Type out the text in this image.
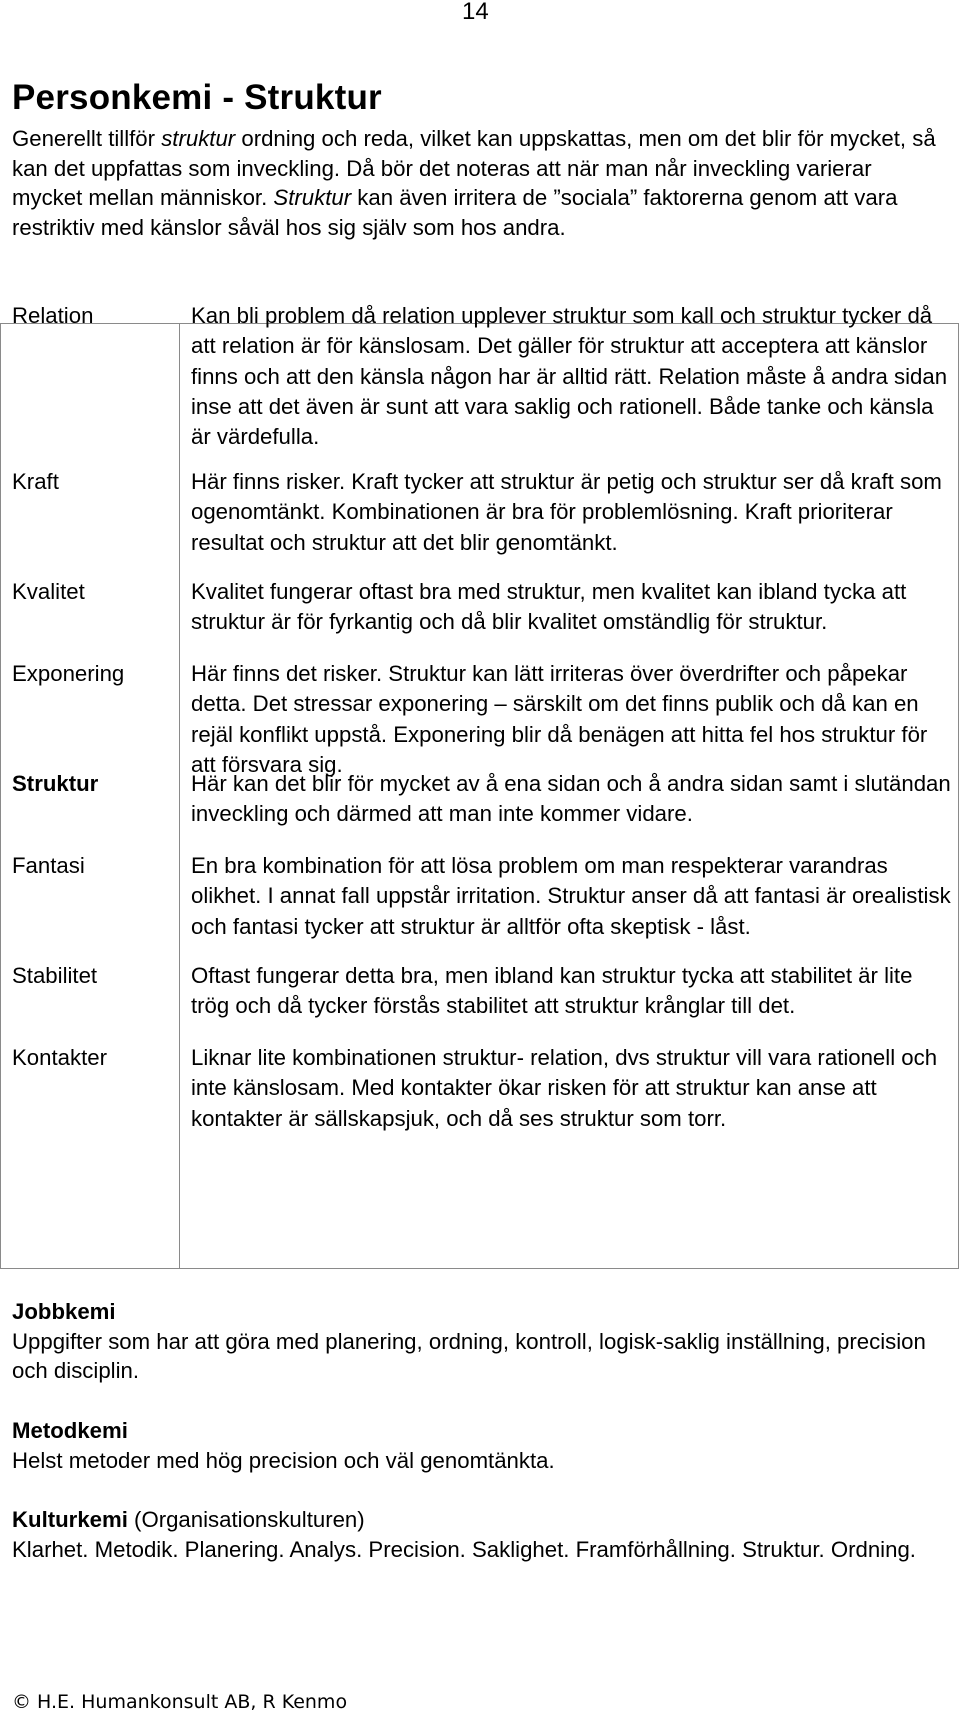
14
Personkemi - Struktur
Generellt tillför struktur ordning och reda, vilket kan uppskattas, men om det blir för mycket, så kan det uppfattas som inveckling. Då bör det noteras att när man når inveckling varierar mycket mellan människor. Struktur kan även irritera de ”sociala” faktorerna genom att vara restriktiv med känslor såväl hos sig själv som hos andra.
Relation	Kan bli problem då relation upplever struktur som kall och struktur tycker då att relation är för känslosam. Det gäller för struktur att acceptera att känslor finns och att den känsla någon har är alltid rätt. Relation måste å andra sidan inse att det även är sunt att vara saklig och rationell. Både tanke och känsla är värdefulla.
Kraft	Här finns risker. Kraft tycker att struktur är petig och struktur ser då kraft som ogenomtänkt. Kombinationen är bra för problemlösning. Kraft prioriterar resultat och struktur att det blir genomtänkt.
Kvalitet	Kvalitet fungerar oftast bra med struktur, men kvalitet kan ibland tycka att struktur är för fyrkantig och då blir kvalitet omständlig för struktur.
Exponering	Här finns det risker. Struktur kan lätt irriteras över överdrifter och påpekar detta. Det stressar exponering – särskilt om det finns publik och då kan en rejäl konflikt uppstå. Exponering blir då benägen att hitta fel hos struktur för att försvara sig.
Struktur	Här kan det blir för mycket av å ena sidan och å andra sidan samt i slutändan inveckling och därmed att man inte kommer vidare.
Fantasi	En bra kombination för att lösa problem om man respekterar varandras olikhet. I annat fall uppstår irritation. Struktur anser då att fantasi är orealistisk och fantasi tycker att struktur är alltför ofta skeptisk - låst.
Stabilitet	Oftast fungerar detta bra, men ibland kan struktur tycka att stabilitet är lite trög och då tycker förstås stabilitet att struktur krånglar till det.
Kontakter	Liknar lite kombinationen struktur- relation, dvs struktur vill vara rationell och inte känslosam. Med kontakter ökar risken för att struktur kan anse att kontakter är sällskapsjuk, och då ses struktur som torr.
Jobbkemi
Uppgifter som har att göra med planering, ordning, kontroll, logisk-saklig inställning, precision och disciplin.
Metodkemi
Helst metoder med hög precision och väl genomtänkta.
Kulturkemi (Organisationskulturen)
Klarhet. Metodik. Planering. Analys. Precision. Saklighet. Framförhållning. Struktur. Ordning.
© H.E. Humankonsult AB, R Kenmo
